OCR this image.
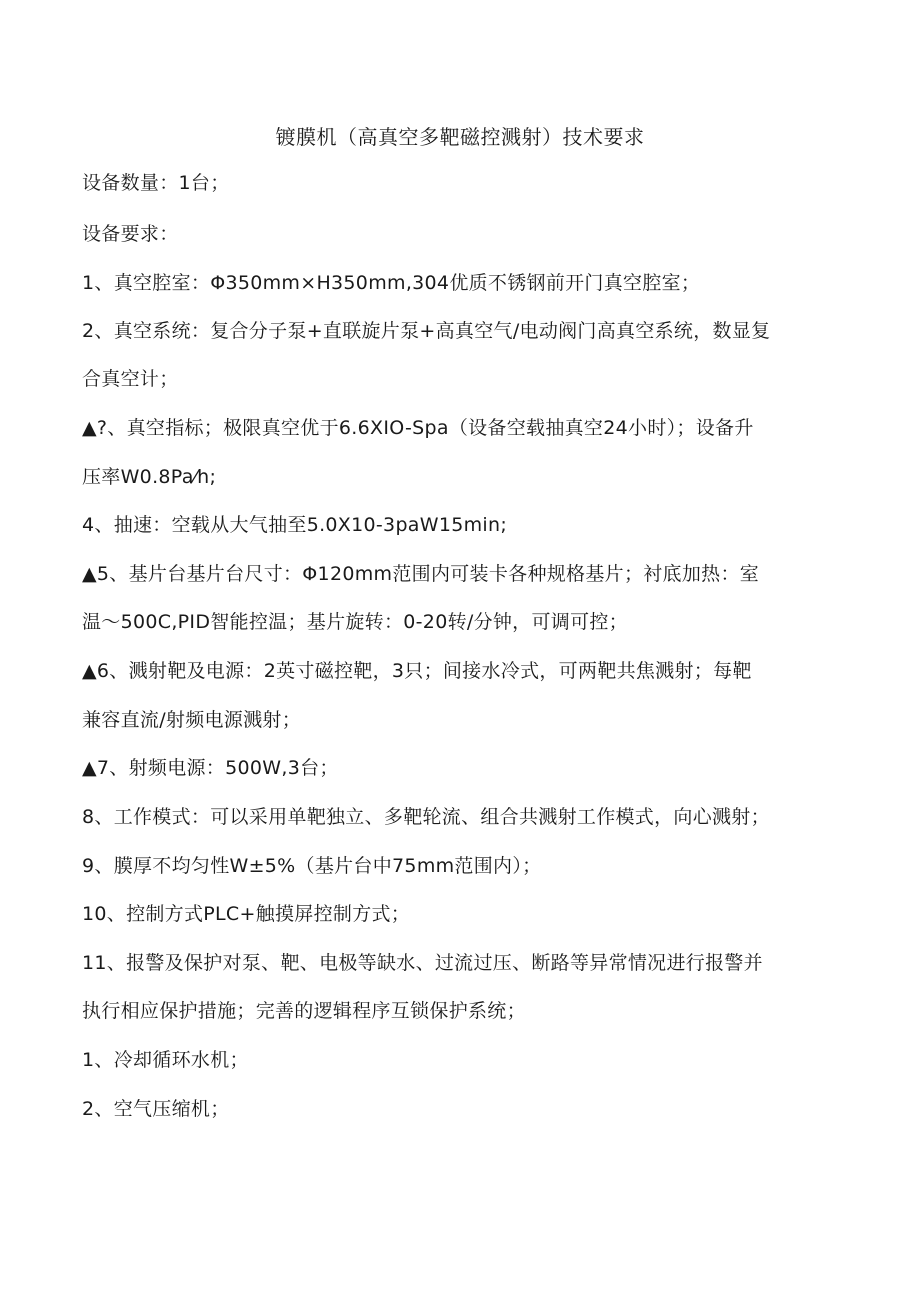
镀膜机（高真空多靶磁控溅射）技术要求
设备数量：1台；
设备要求：
1、真空腔室：Φ350mm×H350mm,304优质不锈钢前开门真空腔室；
2、真空系统：复合分子泵+直联旋片泵+高真空气/电动阀门高真空系统，数显复
合真空计；
▲?、真空指标；极限真空优于6.6XIO-Spa（设备空载抽真空24小时）；设备升
压率W0.8Pa⁄h;
4、抽速：空载从大气抽至5.0X10-3paW15min;
▲5、基片台基片台尺寸：Φ120mm范围内可装卡各种规格基片；衬底加热：室
温～500C,PID智能控温；基片旋转：0-20转/分钟，可调可控；
▲6、溅射靶及电源：2英寸磁控靶，3只；间接水冷式，可两靶共焦溅射；每靶
兼容直流/射频电源溅射；
▲7、射频电源：500W,3台；
8、工作模式：可以采用单靶独立、多靶轮流、组合共溅射工作模式，向心溅射；
9、膜厚不均匀性W±5%（基片台中75mm范围内）；
10、控制方式PLC+触摸屏控制方式；
11、报警及保护对泵、靶、电极等缺水、过流过压、断路等异常情况进行报警并
执行相应保护措施；完善的逻辑程序互锁保护系统；
1、冷却循环水机；
2、空气压缩机；
